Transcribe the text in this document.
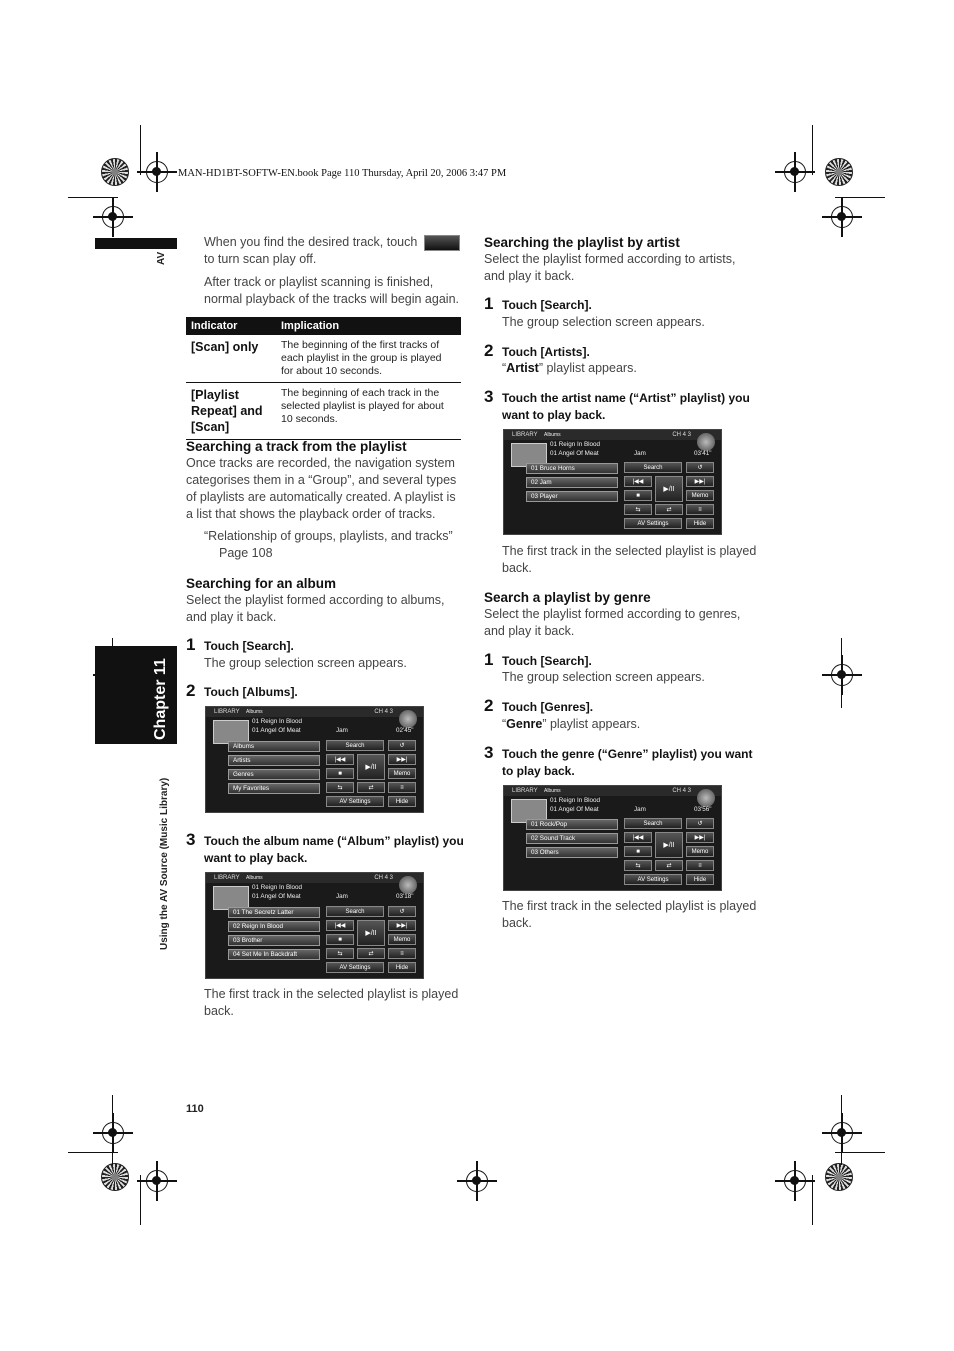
MAN-HD1BT-SOFTW-EN.book Page 110 Thursday, April 20, 2006 3:47 PM
AV
Chapter 11
Using the AV Source (Music Library)
When you find the desired track, touch
to turn scan play off.
After track or playlist scanning is finished, normal playback of the tracks will begin again.
Indicator	Implication
[Scan] only	The beginning of the first tracks of each playlist in the group is played for about 10 seconds.
[Playlist Repeat] and [Scan]	The beginning of each track in the selected playlist is played for about 10 seconds.
Searching a track from the playlist
Once tracks are recorded, the navigation system categorises them in a “Group”, and several types of playlists are automatically created. A playlist is a list that shows the playback order of tracks.
“Relationship of groups, playlists, and tracks”
Page 108
Searching for an album
Select the playlist formed according to albums, and play it back.
1 Touch [Search].
The group selection screen appears.
2 Touch [Albums].
LIBRARY Albums	CH 4 3
01 Reign In Blood
01 Angel Of Meat	Jam	02'45"
Albums
Artists
Genres
My Favorites
Search	↺
|◀◀
▶/II
▶▶|
■	Memo
⇆	⇄	≡
AV Settings	Hide
3 Touch the album name (“Album” playlist) you want to play back.
LIBRARY Albums	CH 4 3
01 Reign In Blood
01 Angel Of Meat	Jam	03'18"
01 The Secretz Latter
02 Reign In Blood
03 Brother
04 Set Me In Backdraft
Search	↺
|◀◀
▶/II
▶▶|
■	Memo
⇆	⇄	≡
AV Settings	Hide
The first track in the selected playlist is played back.
Searching the playlist by artist
Select the playlist formed according to artists, and play it back.
1 Touch [Search].
The group selection screen appears.
2 Touch [Artists].
“Artist” playlist appears.
3 Touch the artist name (“Artist” playlist) you want to play back.
LIBRARY Albums	CH 4 3
01 Reign In Blood
01 Angel Of Meat	Jam	03'41"
01 Bruce Horns
02 Jam
03 Player
Search	↺
|◀◀
▶/II
▶▶|
■	Memo
⇆	⇄	≡
AV Settings	Hide
The first track in the selected playlist is played back.
Search a playlist by genre
Select the playlist formed according to genres, and play it back.
1 Touch [Search].
The group selection screen appears.
2 Touch [Genres].
“Genre” playlist appears.
3 Touch the genre (“Genre” playlist) you want to play back.
LIBRARY Albums	CH 4 3
01 Reign In Blood
01 Angel Of Meat	Jam	03'56"
01 Rock/Pop
02 Sound Track
03 Others
Search	↺
|◀◀
▶/II
▶▶|
■	Memo
⇆	⇄	≡
AV Settings	Hide
The first track in the selected playlist is played back.
110
